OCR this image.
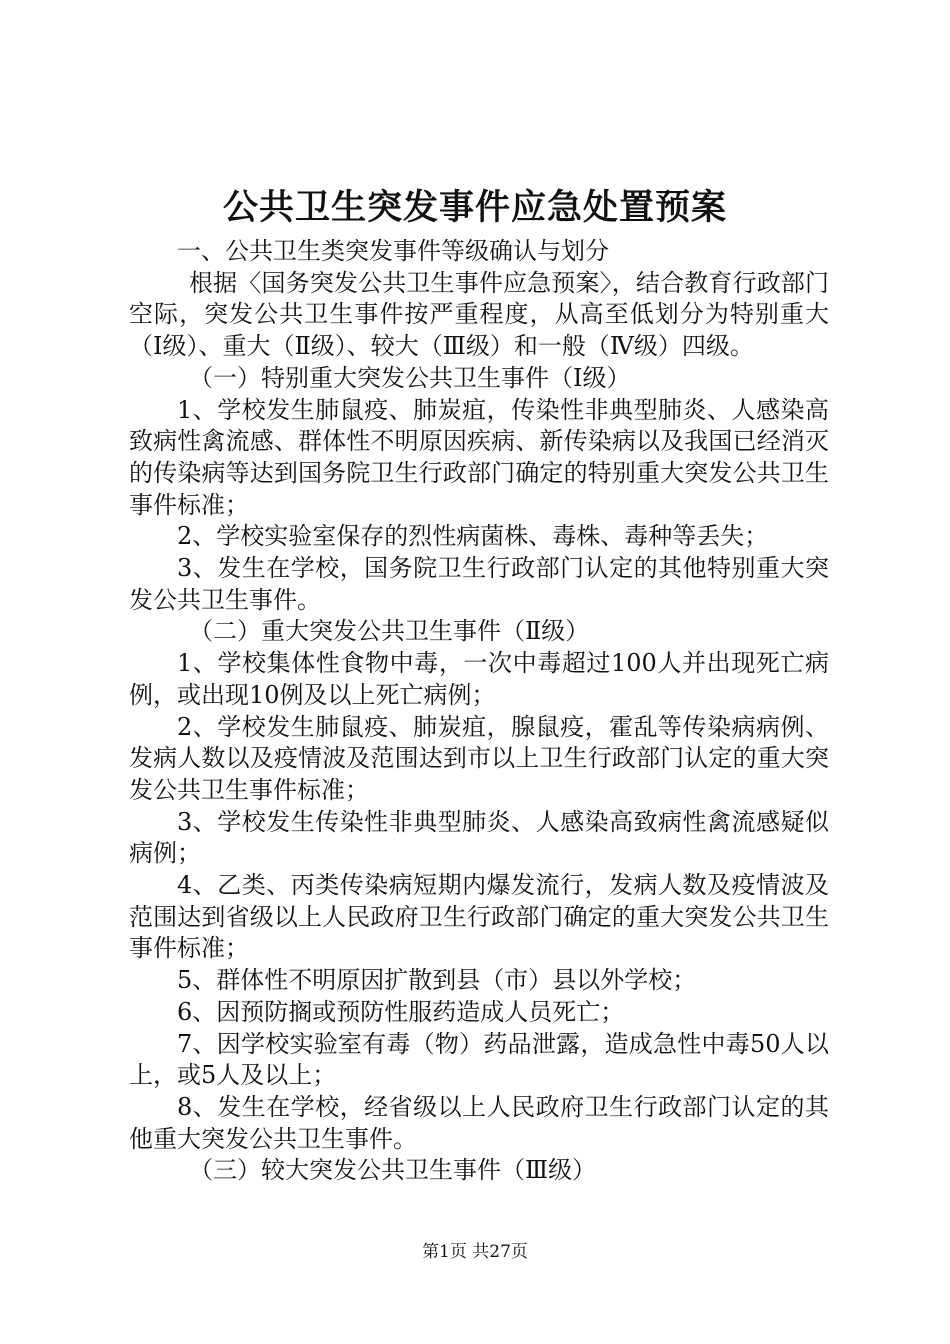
公共卫生突发事件应急处置预案

一、公共卫生类突发事件等级确认与划分

根据〈国务突发公共卫生事件应急预案〉，结合教育行政部门空际，突发公共卫生事件按严重程度，从高至低划分为特别重大（Ⅰ级）、重大（Ⅱ级）、较大（Ⅲ级）和一般（Ⅳ级）四级。

（一）特别重大突发公共卫生事件（Ⅰ级）

1、学校发生肺鼠疫、肺炭疽，传染性非典型肺炎、人感染高致病性禽流感、群体性不明原因疾病、新传染病以及我国已经消灭的传染病等达到国务院卫生行政部门确定的特别重大突发公共卫生事件标准；

2、学校实验室保存的烈性病菌株、毒株、毒种等丢失；

3、发生在学校，国务院卫生行政部门认定的其他特别重大突发公共卫生事件。

（二）重大突发公共卫生事件（Ⅱ级）

1、学校集体性食物中毒，一次中毒超过100人并出现死亡病例，或出现10例及以上死亡病例；

2、学校发生肺鼠疫、肺炭疽，腺鼠疫，霍乱等传染病病例、发病人数以及疫情波及范围达到市以上卫生行政部门认定的重大突发公共卫生事件标准；

3、学校发生传染性非典型肺炎、人感染高致病性禽流感疑似病例；

4、乙类、丙类传染病短期内爆发流行，发病人数及疫情波及范围达到省级以上人民政府卫生行政部门确定的重大突发公共卫生事件标准；

5、群体性不明原因扩散到县（市）县以外学校；

6、因预防搁或预防性服药造成人员死亡；

7、因学校实验室有毒（物）药品泄露，造成急性中毒50人以上，或5人及以上；

8、发生在学校，经省级以上人民政府卫生行政部门认定的其他重大突发公共卫生事件。

（三）较大突发公共卫生事件（Ⅲ级）

第1页 共27页
